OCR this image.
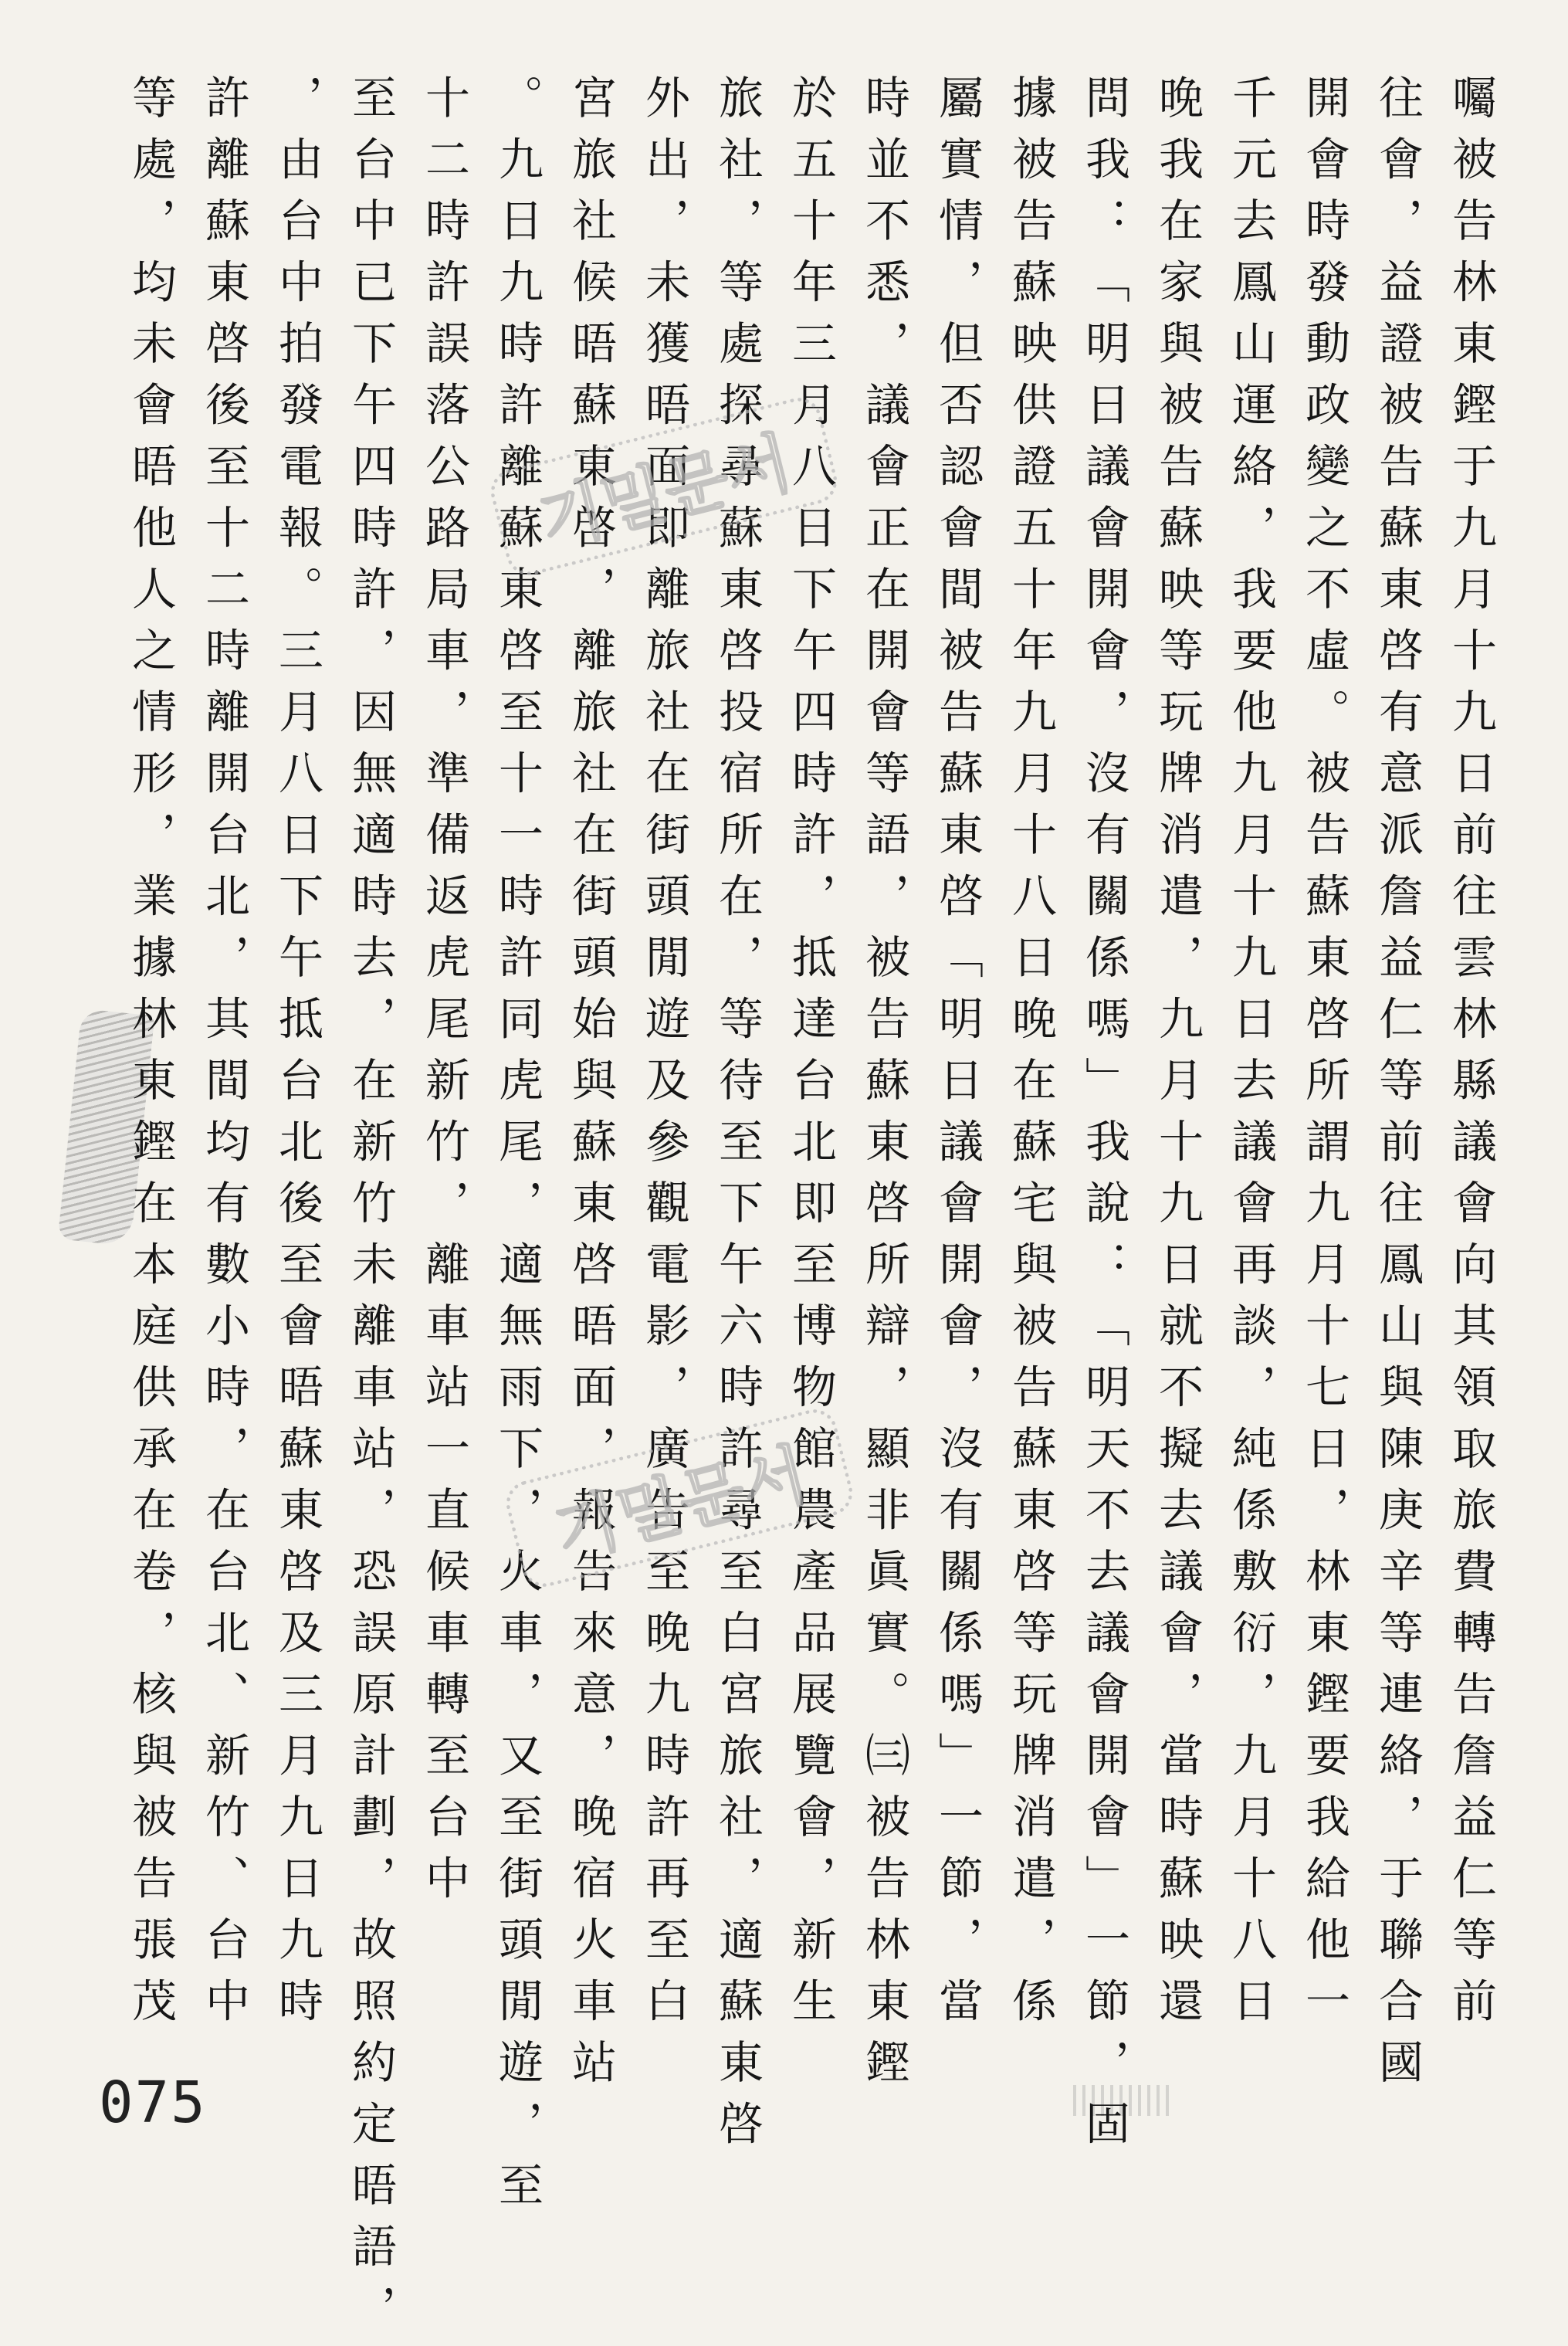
囑被告林東鏗于九月十九日前往雲林縣議會向其領取旅費轉告詹益仁等前
往會，益證被告蘇東啓有意派詹益仁等前往鳳山與陳庚辛等連絡，于聯合國
開會時發動政變之不虛。被告蘇東啓所謂九月十七日，林東鏗要我給他一
千元去鳳山運絡，我要他九月十九日去議會再談，純係敷衍，九月十八日
晚我在家與被告蘇映等玩牌消遣，九月十九日就不擬去議會，當時蘇映還
問我：「明日議會開會，沒有關係嗎」我說：「明天不去議會開會」一節，固
據被告蘇映供證五十年九月十八日晚在蘇宅與被告蘇東啓等玩牌消遣，係
屬實情，但否認會間被告蘇東啓「明日議會開會，沒有關係嗎」一節，當
時並不悉，議會正在開會等語，被告蘇東啓所辯，顯非眞實。㈢被告林東鏗
於五十年三月八日下午四時許，抵達台北即至博物館農產品展覽會，新生
旅社，等處探尋蘇東啓投宿所在，等待至下午六時許尋至白宮旅社，適蘇東啓
外出，未獲晤面即離旅社在街頭閒遊及參觀電影，廣告至晚九時許再至白
宮旅社候晤蘇東啓，離旅社在街頭始與蘇東啓晤面，報告來意，晚宿火車站
。九日九時許離蘇東啓至十一時許同虎尾，適無雨下，火車，又至街頭閒遊，至
十二時許誤落公路局車，準備返虎尾新竹，離車站一直候車轉至台中
至台中已下午四時許，因無適時去，在新竹未離車站，恐誤原計劃，故照約定晤語，
，由台中拍發電報。三月八日下午抵台北後至會晤蘇東啓及三月九日九時
許離蘇東啓後至十二時離開台北，其間均有數小時，在台北、新竹、台中
等處，均未會晤他人之情形，業據林東鏗在本庭供承在卷，核與被告張茂	기밀문서
기밀문서
075
